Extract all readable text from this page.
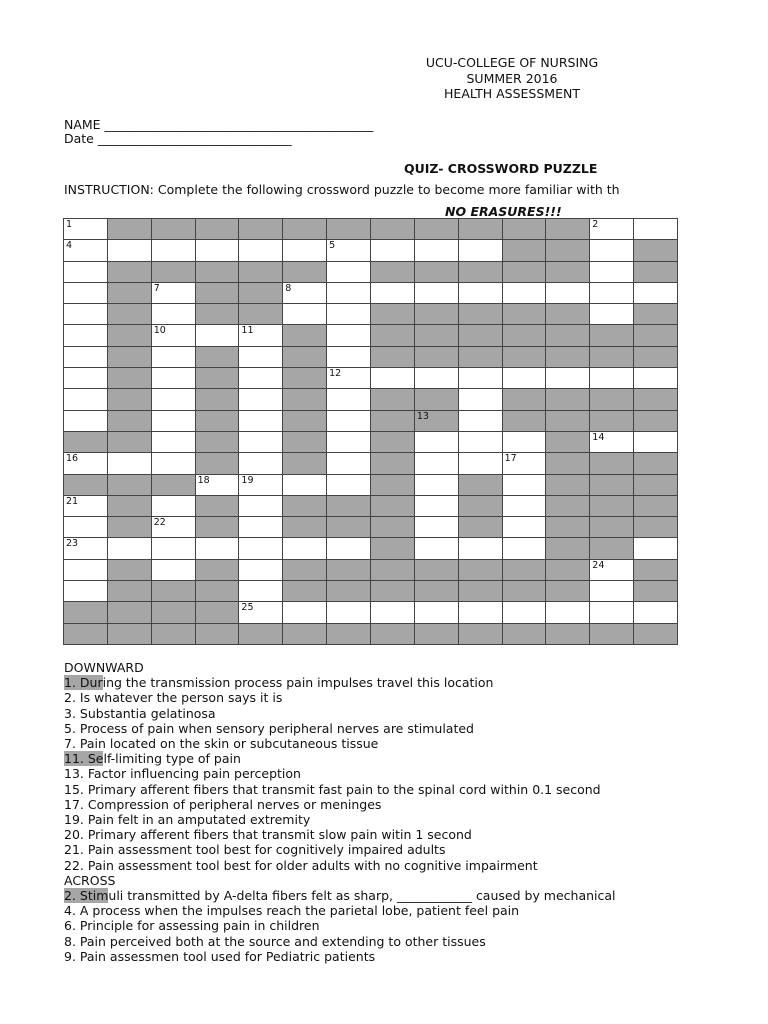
UCU-COLLEGE OF NURSING
SUMMER 2016
HEALTH ASSESSMENT
NAME ___________________________________________
Date _______________________________
QUIZ- CROSSWORD PUZZLE
INSTRUCTION: Complete the following crossword puzzle to become more familiar with th
NO ERASURES!!!
1	2
4	5
7	8
10	11
12
13
14
16	17
18	19
21
22
23
24
25
DOWNWARD
1. During the transmission process pain impulses travel this location
2. Is whatever the person says it is
3. Substantia gelatinosa
5. Process of pain when sensory peripheral nerves are stimulated
7. Pain located on the skin or subcutaneous tissue
11. Self-limiting type of pain
13. Factor influencing pain perception
15. Primary afferent fibers that transmit fast pain to the spinal cord within 0.1 second
17. Compression of peripheral nerves or meninges
19. Pain felt in an amputated extremity
20. Primary afferent fibers that transmit slow pain witin 1 second
21. Pain assessment tool best for cognitively impaired adults
22. Pain assessment tool best for older adults with no cognitive impairment
ACROSS
2. Stimuli transmitted by A-delta fibers felt as sharp, ____________ caused by mechanical
4. A process when the impulses reach the parietal lobe, patient feel pain
6. Principle for assessing pain in children
8. Pain perceived both at the source and extending to other tissues
9. Pain assessmen tool used for Pediatric patients
